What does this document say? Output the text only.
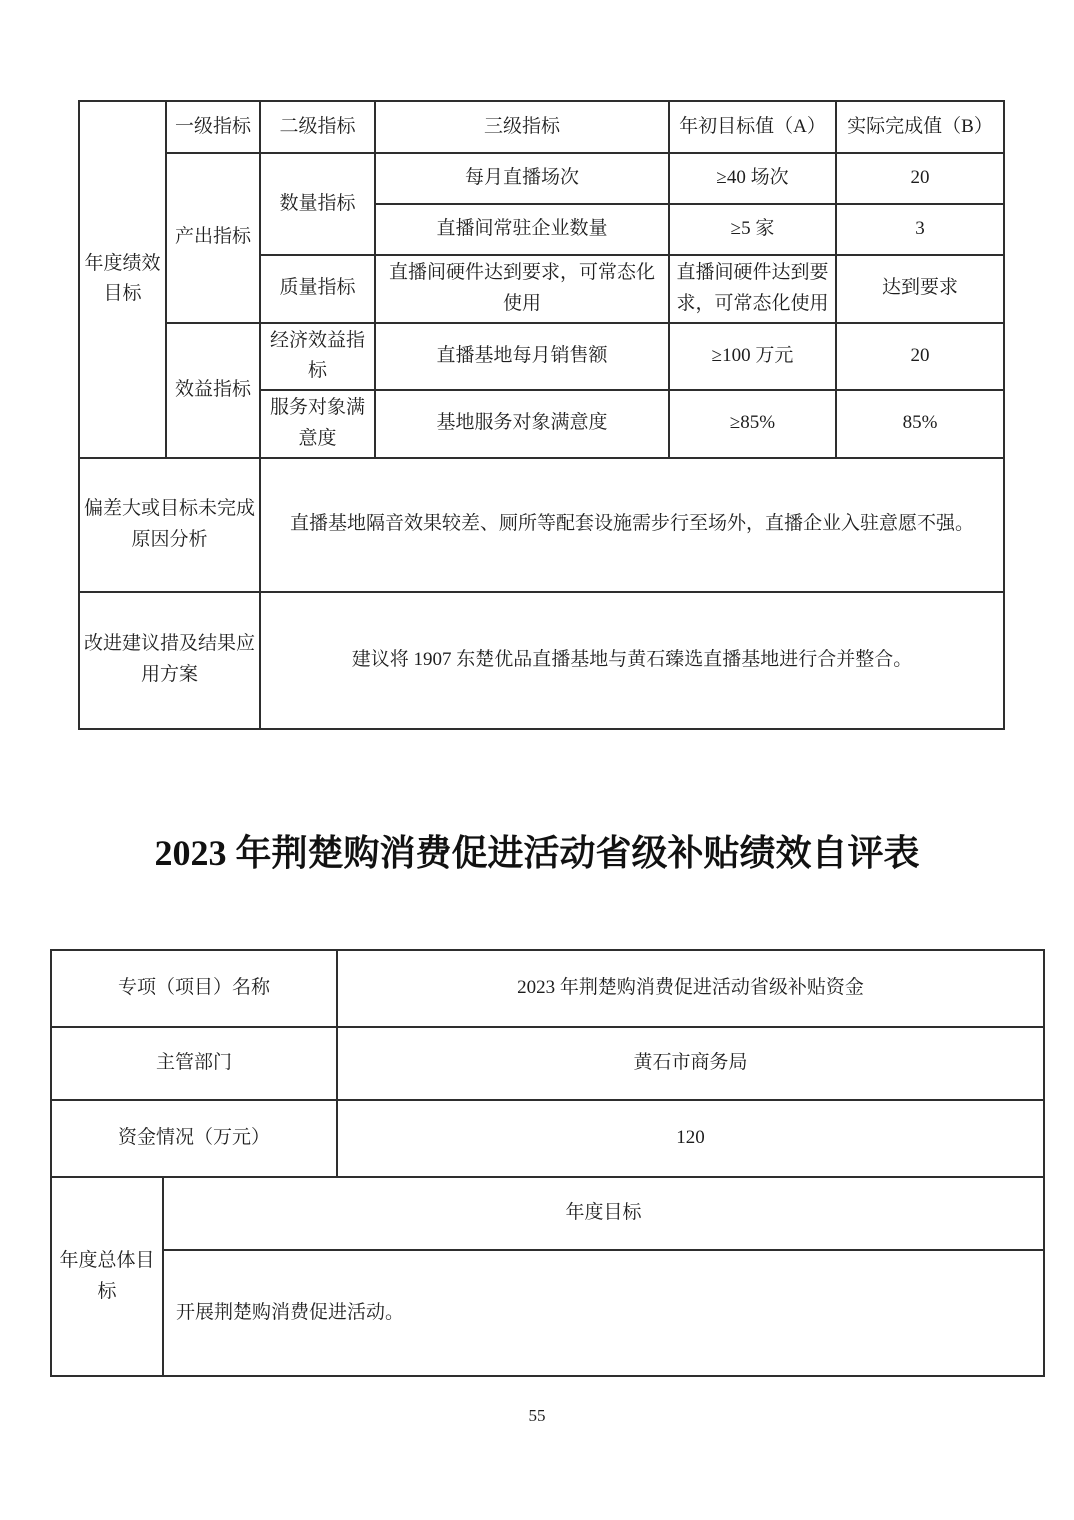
年度绩效目标	一级指标	二级指标	三级指标	年初目标值（A）	实际完成值（B）
	产出指标	数量指标	每月直播场次	≥40 场次	20
			直播间常驻企业数量	≥5 家	3
		质量指标	直播间硬件达到要求，可常态化使用	直播间硬件达到要求，可常态化使用	达到要求
	效益指标	经济效益指标	直播基地每月销售额	≥100 万元	20
		服务对象满意度	基地服务对象满意度	≥85%	85%
偏差大或目标未完成原因分析		直播基地隔音效果较差、厕所等配套设施需步行至场外，直播企业入驻意愿不强。			
改进建议措及结果应用方案		建议将 1907 东楚优品直播基地与黄石臻选直播基地进行合并整合。			
2023 年荆楚购消费促进活动省级补贴绩效自评表
专项（项目）名称		2023 年荆楚购消费促进活动省级补贴资金
主管部门		黄石市商务局
资金情况（万元）		120
年度总体目标	年度目标	
	开展荆楚购消费促进活动。	
55
